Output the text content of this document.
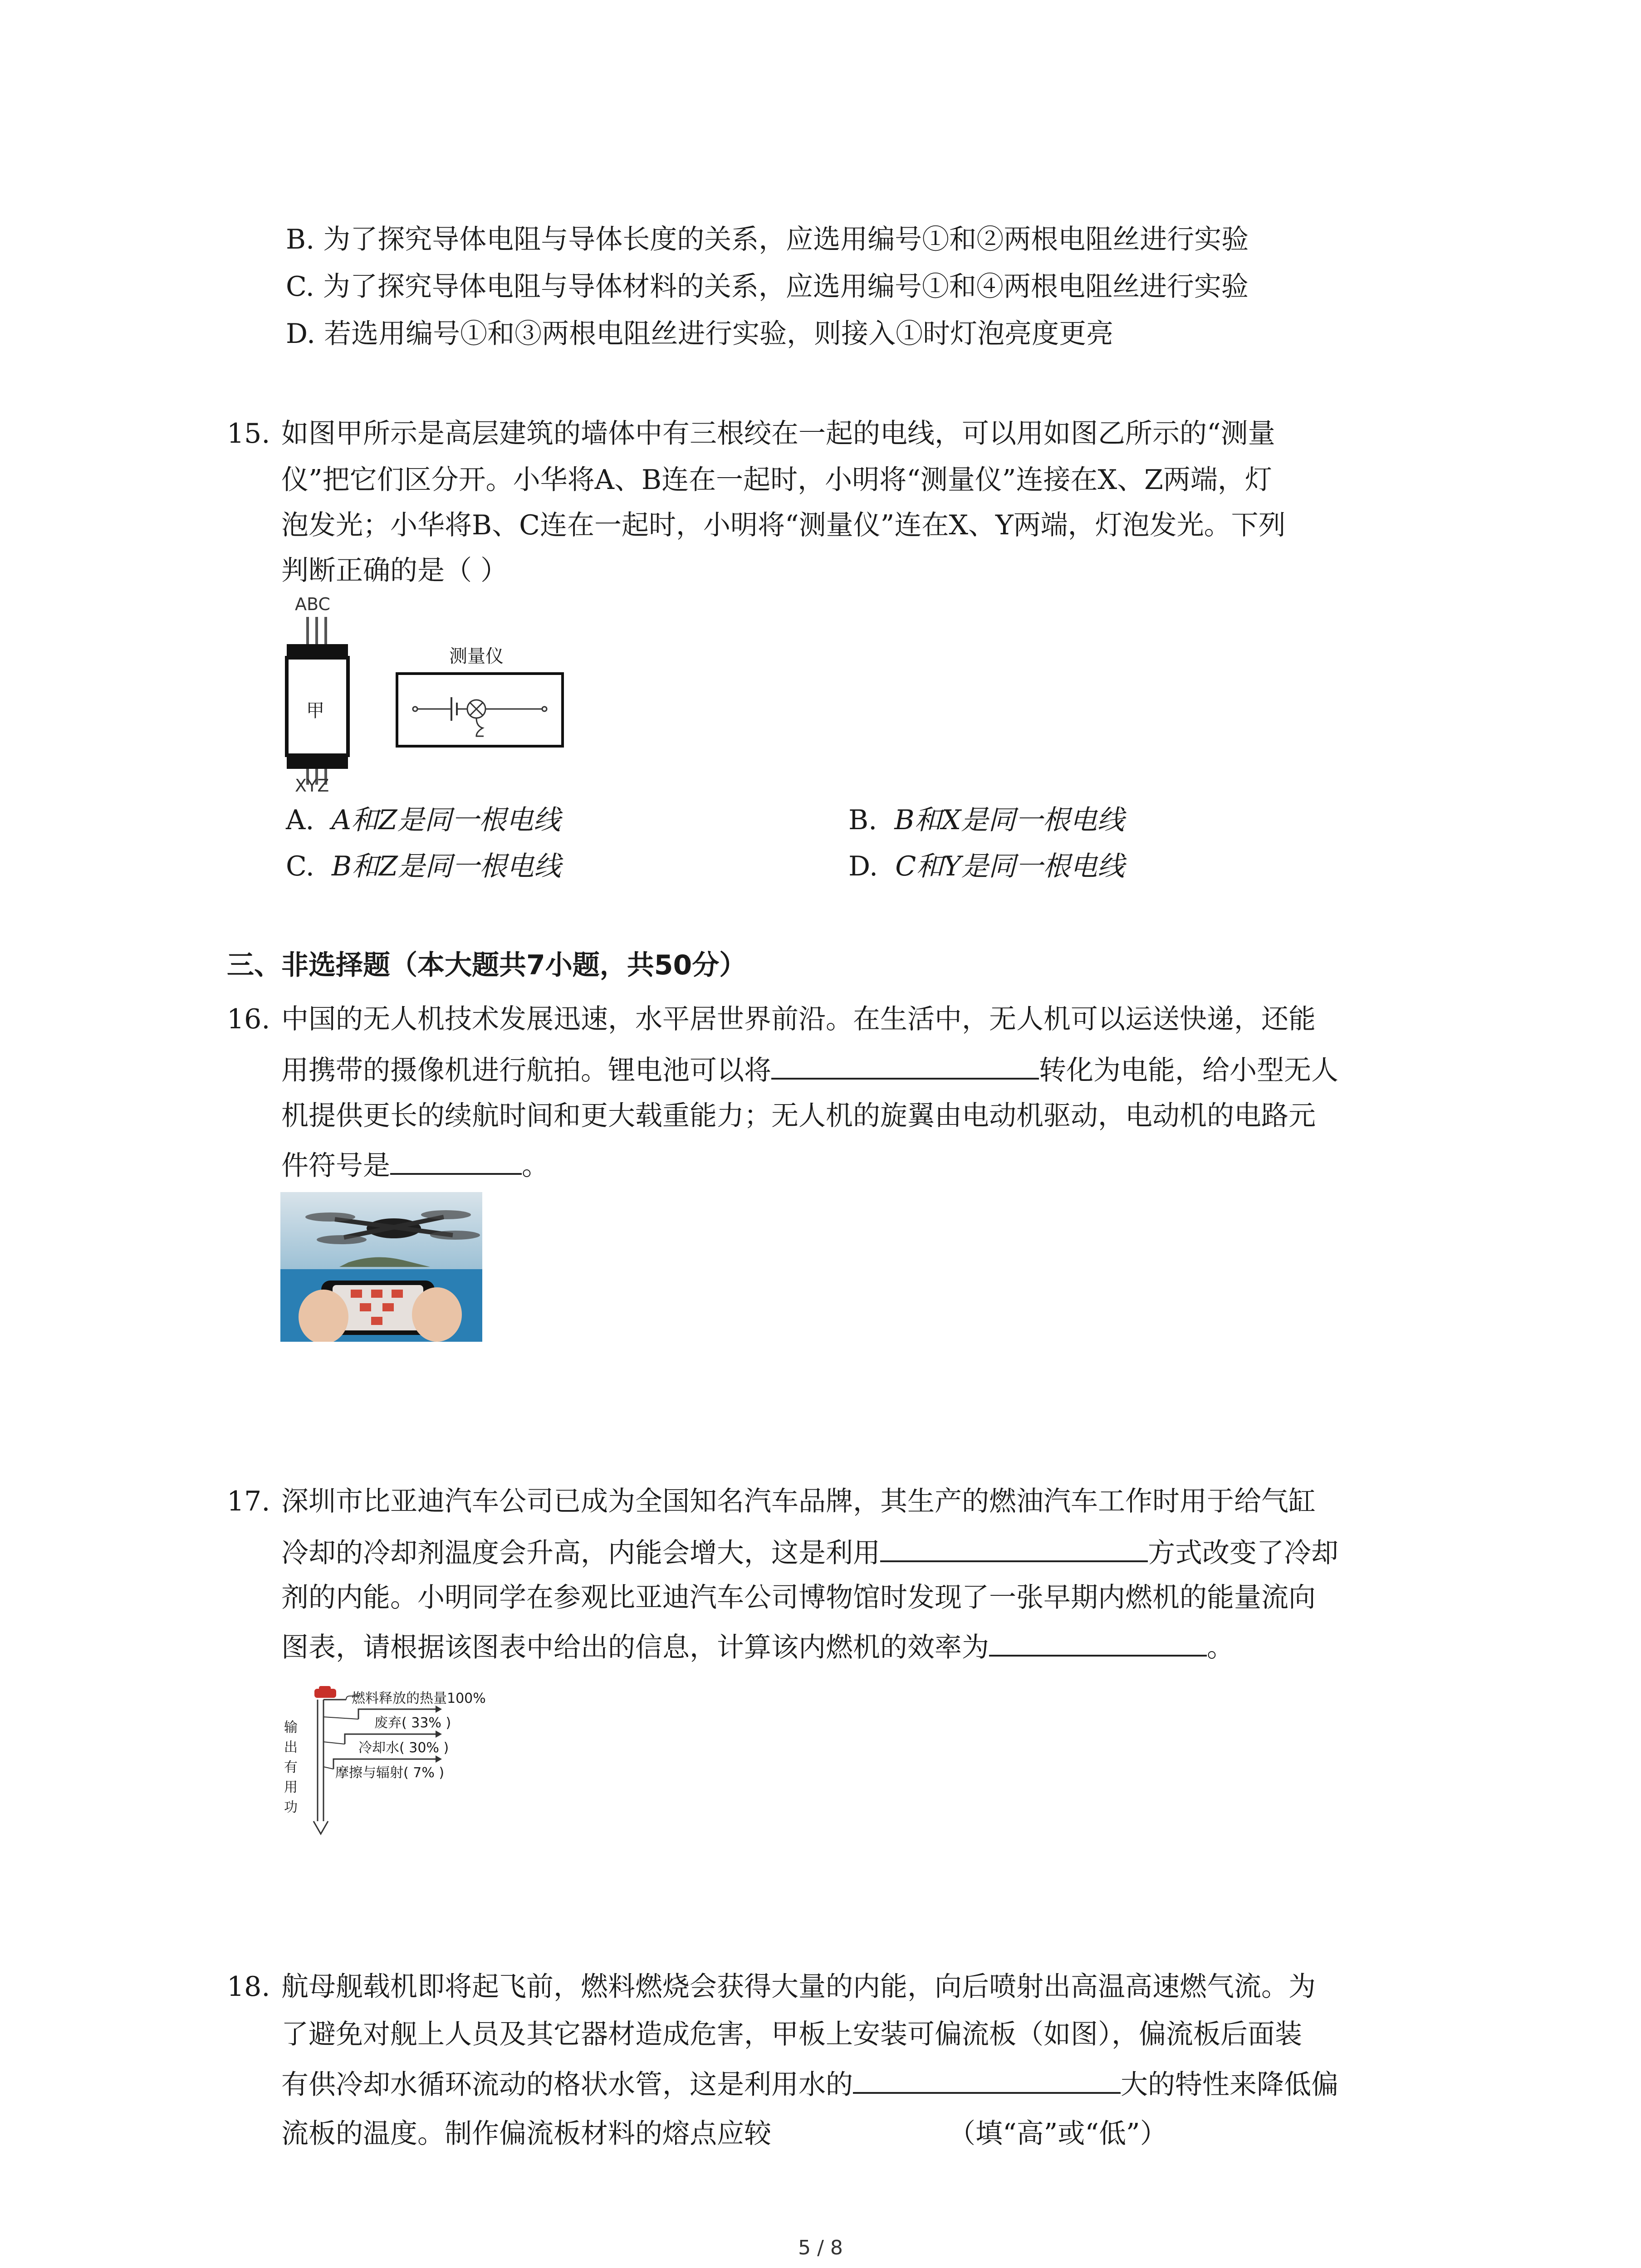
B. 为了探究导体电阻与导体长度的关系，应选用编号①和②两根电阻丝进行实验
C. 为了探究导体电阻与导体材料的关系，应选用编号①和④两根电阻丝进行实验
D. 若选用编号①和③两根电阻丝进行实验，则接入①时灯泡亮度更亮
15. 如图甲所示是高层建筑的墙体中有三根绞在一起的电线，可以用如图乙所示的“测量
仪”把它们区分开。小华将A、B连在一起时，小明将“测量仪”连接在X、Z两端，灯
泡发光；小华将B、C连在一起时，小明将“测量仪”连在X、Y两端，灯泡发光。下列
判断正确的是（ ）
ABC
甲
XYZ
测量仪
A. A和Z是同一根电线	B. B和X是同一根电线
C. B和Z是同一根电线	D. C和Y是同一根电线
三、非选择题（本大题共7小题，共50分）
16. 中国的无人机技术发展迅速，水平居世界前沿。在生活中，无人机可以运送快递，还能
用携带的摄像机进行航拍。锂电池可以将	转化为电能，给小型无人
机提供更长的续航时间和更大载重能力；无人机的旋翼由电动机驱动，电动机的电路元
件符号是	。
17. 深圳市比亚迪汽车公司已成为全国知名汽车品牌，其生产的燃油汽车工作时用于给气缸
冷却的冷却剂温度会升高，内能会增大，这是利用	方式改变了冷却
剂的内能。小明同学在参观比亚迪汽车公司博物馆时发现了一张早期内燃机的能量流向
图表，请根据该图表中给出的信息，计算该内燃机的效率为	。
燃料释放的热量100%
废弃( 33% )
冷却水( 30% )
摩擦与辐射( 7% )
输
出
有
用
功
18. 航母舰载机即将起飞前，燃料燃烧会获得大量的内能，向后喷射出高温高速燃气流。为
了避免对舰上人员及其它器材造成危害，甲板上安装可偏流板（如图），偏流板后面装
有供冷却水循环流动的格状水管，这是利用水的	大的特性来降低偏
流板的温度。制作偏流板材料的熔点应较	（填“高”或“低”）
5 / 8
